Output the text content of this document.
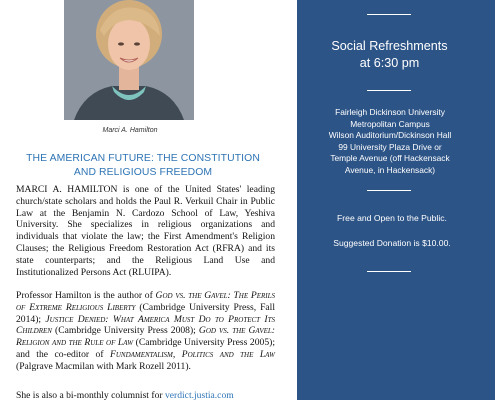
Marci A. Hamilton
THE AMERICAN FUTURE: THE CONSTITUTION
AND RELIGIOUS FREEDOM
MARCI A. HAMILTON is one of the United States' leading church/state scholars and holds the Paul R. Verkuil Chair in Public Law at the Benjamin N. Cardozo School of Law, Yeshiva University. She specializes in religious organizations and individuals that violate the law; the First Amendment's Religion Clauses; the Religious Freedom Restoration Act (RFRA) and its state counterparts; and the Religious Land Use and Institutionalized Persons Act (RLUIPA).
Professor Hamilton is the author of God vs. the Gavel: The Perils of Extreme Religious Liberty (Cambridge University Press, Fall 2014); Justice Denied: What America Must Do to Protect Its Children (Cambridge University Press 2008); God vs. the Gavel: Religion and the Rule of Law (Cambridge University Press 2005); and the co-editor of Fundamentalism, Politics and the Law (Palgrave Macmilan with Mark Rozell 2011).
She is also a bi-monthly columnist for verdict.justia.com
Social Refreshments
at 6:30 pm
Fairleigh Dickinson University
Metropolitan Campus
Wilson Auditorium/Dickinson Hall
99 University Plaza Drive or
Temple Avenue (off Hackensack
Avenue, in Hackensack)
Free and Open to the Public.
Suggested Donation is $10.00.
